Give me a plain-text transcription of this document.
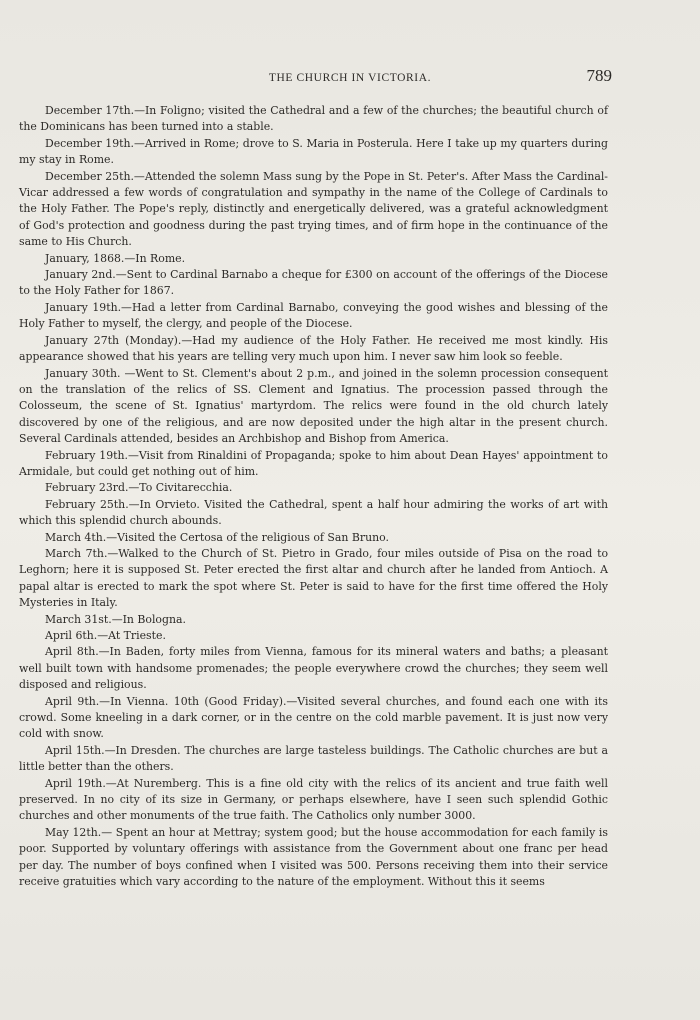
THE CHURCH IN VICTORIA.	789

December 17th.—In Foligno; visited the Cathedral and a few of the churches; the beautiful church of the Dominicans has been turned into a stable.

December 19th.—Arrived in Rome; drove to S. Maria in Posterula. Here I take up my quarters during my stay in Rome.

December 25th.—Attended the solemn Mass sung by the Pope in St. Peter's. After Mass the Cardinal-Vicar addressed a few words of congratulation and sympathy in the name of the College of Cardinals to the Holy Father. The Pope's reply, distinctly and energetically delivered, was a grateful acknowledgment of God's protection and goodness during the past trying times, and of firm hope in the continuance of the same to His Church.

January, 1868.—In Rome.

January 2nd.—Sent to Cardinal Barnabo a cheque for £300 on account of the offerings of the Diocese to the Holy Father for 1867.

January 19th.—Had a letter from Cardinal Barnabo, conveying the good wishes and blessing of the Holy Father to myself, the clergy, and people of the Diocese.

January 27th (Monday).—Had my audience of the Holy Father. He received me most kindly. His appearance showed that his years are telling very much upon him. I never saw him look so feeble.

January 30th. —Went to St. Clement's about 2 p.m., and joined in the solemn procession consequent on the translation of the relics of SS. Clement and Ignatius. The procession passed through the Colosseum, the scene of St. Ignatius' martyrdom. The relics were found in the old church lately discovered by one of the religious, and are now deposited under the high altar in the present church. Several Cardinals attended, besides an Archbishop and Bishop from America.

February 19th.—Visit from Rinaldini of Propaganda; spoke to him about Dean Hayes' appointment to Armidale, but could get nothing out of him.

February 23rd.—To Civitarecchia.

February 25th.—In Orvieto. Visited the Cathedral, spent a half hour admiring the works of art with which this splendid church abounds.

March 4th.—Visited the Certosa of the religious of San Bruno.

March 7th.—Walked to the Church of St. Pietro in Grado, four miles outside of Pisa on the road to Leghorn; here it is supposed St. Peter erected the first altar and church after he landed from Antioch. A papal altar is erected to mark the spot where St. Peter is said to have for the first time offered the Holy Mysteries in Italy.

March 31st.—In Bologna.

April 6th.—At Trieste.

April 8th.—In Baden, forty miles from Vienna, famous for its mineral waters and baths; a pleasant well built town with handsome promenades; the people everywhere crowd the churches; they seem well disposed and religious.

April 9th.—In Vienna. 10th (Good Friday).—Visited several churches, and found each one with its crowd. Some kneeling in a dark corner, or in the centre on the cold marble pavement. It is just now very cold with snow.

April 15th.—In Dresden. The churches are large tasteless buildings. The Catholic churches are but a little better than the others.

April 19th.—At Nuremberg. This is a fine old city with the relics of its ancient and true faith well preserved. In no city of its size in Germany, or perhaps elsewhere, have I seen such splendid Gothic churches and other monuments of the true faith. The Catholics only number 3000.

May 12th.— Spent an hour at Mettray; system good; but the house accommodation for each family is poor. Supported by voluntary offerings with assistance from the Government about one franc per head per day. The number of boys confined when I visited was 500. Persons receiving them into their service receive gratuities which vary according to the nature of the employment. Without this it seems
